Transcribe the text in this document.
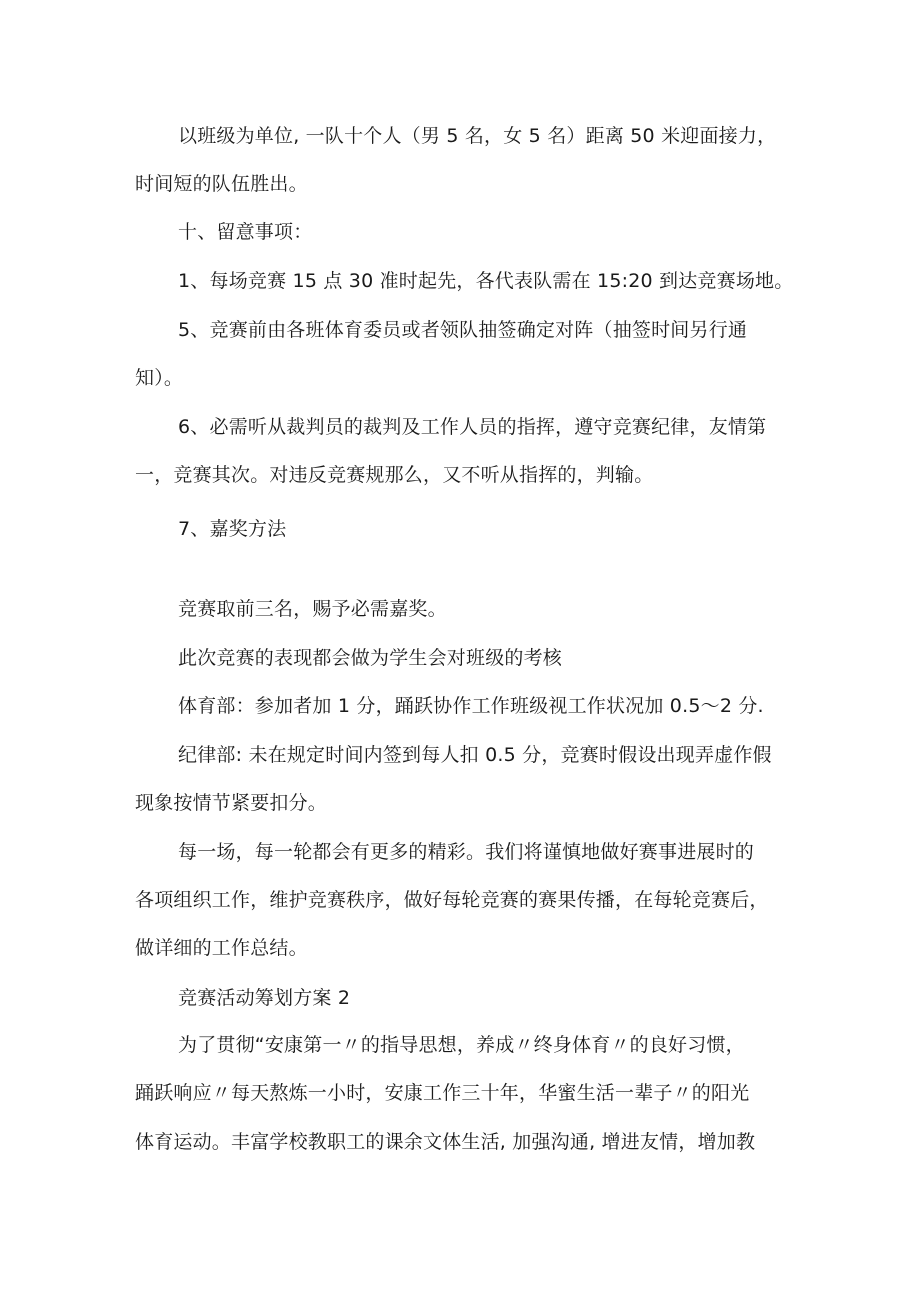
以班级为单位, 一队十个人（男 5 名，女 5 名）距离 50 米迎面接力，
时间短的队伍胜出。
十、留意事项：
1、每场竞赛 15 点 30 准时起先，各代表队需在 15:20 到达竞赛场地。
5、竞赛前由各班体育委员或者领队抽签确定对阵（抽签时间另行通
知）。
6、必需听从裁判员的裁判及工作人员的指挥，遵守竞赛纪律，友情第
一，竞赛其次。对违反竞赛规那么，又不听从指挥的，判输。
7、嘉奖方法
竞赛取前三名，赐予必需嘉奖。
此次竞赛的表现都会做为学生会对班级的考核
体育部：参加者加 1 分，踊跃协作工作班级视工作状况加 0.5～2 分.
纪律部: 未在规定时间内签到每人扣 0.5 分，竞赛时假设出现弄虚作假
现象按情节紧要扣分。
每一场，每一轮都会有更多的精彩。我们将谨慎地做好赛事进展时的
各项组织工作，维护竞赛秩序，做好每轮竞赛的赛果传播，在每轮竞赛后，
做详细的工作总结。
竞赛活动筹划方案 2
为了贯彻“安康第一〃的指导思想，养成〃终身体育〃的良好习惯，
踊跃响应〃每天熬炼一小时，安康工作三十年，华蜜生活一辈子〃的阳光
体育运动。丰富学校教职工的课余文体生活, 加强沟通, 增进友情，增加教
